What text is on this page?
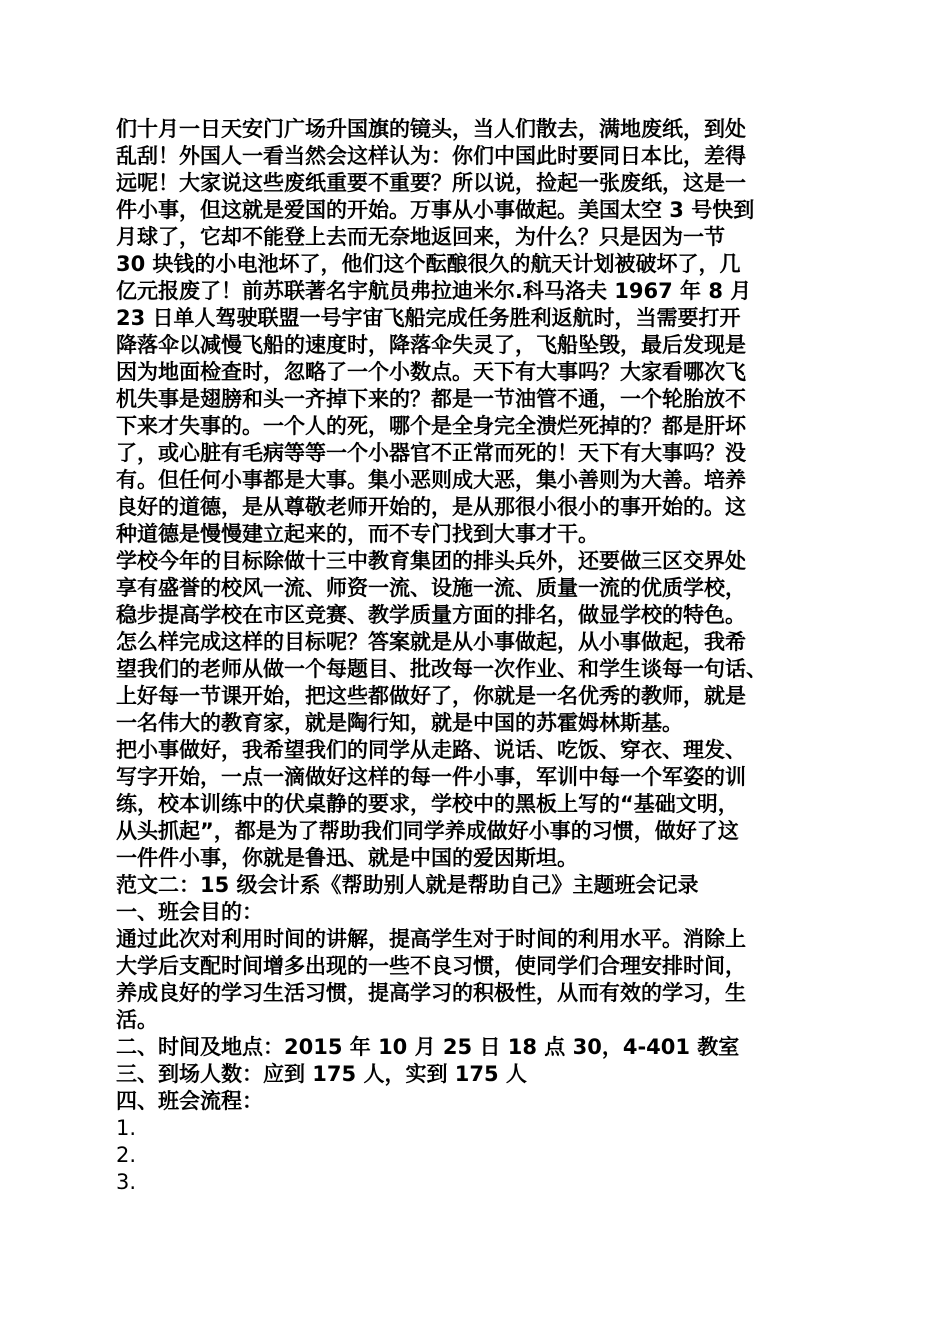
们十月一日天安门广场升国旗的镜头，当人们散去，满地废纸，到处
乱刮！外国人一看当然会这样认为：你们中国此时要同日本比，差得
远呢！大家说这些废纸重要不重要？所以说，捡起一张废纸，这是一
件小事，但这就是爱国的开始。万事从小事做起。美国太空 3 号快到
月球了，它却不能登上去而无奈地返回来，为什么？只是因为一节
30 块钱的小电池坏了，他们这个酝酿很久的航天计划被破坏了，几
亿元报废了！前苏联著名宇航员弗拉迪米尔.科马洛夫 1967 年 8 月
23 日单人驾驶联盟一号宇宙飞船完成任务胜利返航时，当需要打开
降落伞以减慢飞船的速度时，降落伞失灵了，飞船坠毁，最后发现是
因为地面检查时，忽略了一个小数点。天下有大事吗？大家看哪次飞
机失事是翅膀和头一齐掉下来的？都是一节油管不通，一个轮胎放不
下来才失事的。一个人的死，哪个是全身完全溃烂死掉的？都是肝坏
了，或心脏有毛病等等一个小器官不正常而死的！天下有大事吗？没
有。但任何小事都是大事。集小恶则成大恶，集小善则为大善。培养
良好的道德，是从尊敬老师开始的，是从那很小很小的事开始的。这
种道德是慢慢建立起来的，而不专门找到大事才干。
学校今年的目标除做十三中教育集团的排头兵外，还要做三区交界处
享有盛誉的校风一流、师资一流、设施一流、质量一流的优质学校，
稳步提高学校在市区竞赛、教学质量方面的排名，做显学校的特色。
怎么样完成这样的目标呢？答案就是从小事做起，从小事做起，我希
望我们的老师从做一个每题目、批改每一次作业、和学生谈每一句话、
上好每一节课开始，把这些都做好了，你就是一名优秀的教师，就是
一名伟大的教育家，就是陶行知，就是中国的苏霍姆林斯基。
把小事做好，我希望我们的同学从走路、说话、吃饭、穿衣、理发、
写字开始，一点一滴做好这样的每一件小事，军训中每一个军姿的训
练，校本训练中的伏桌静的要求，学校中的黑板上写的“基础文明，
从头抓起”，都是为了帮助我们同学养成做好小事的习惯，做好了这
一件件小事，你就是鲁迅、就是中国的爱因斯坦。
范文二：15 级会计系《帮助别人就是帮助自己》主题班会记录
一、班会目的：
通过此次对利用时间的讲解，提高学生对于时间的利用水平。消除上
大学后支配时间增多出现的一些不良习惯，使同学们合理安排时间，
养成良好的学习生活习惯，提高学习的积极性，从而有效的学习，生
活。
二、时间及地点：2015 年 10 月 25 日 18 点 30，4-401 教室
三、到场人数：应到 175 人，实到 175 人
四、班会流程：
1.
2.
3.
